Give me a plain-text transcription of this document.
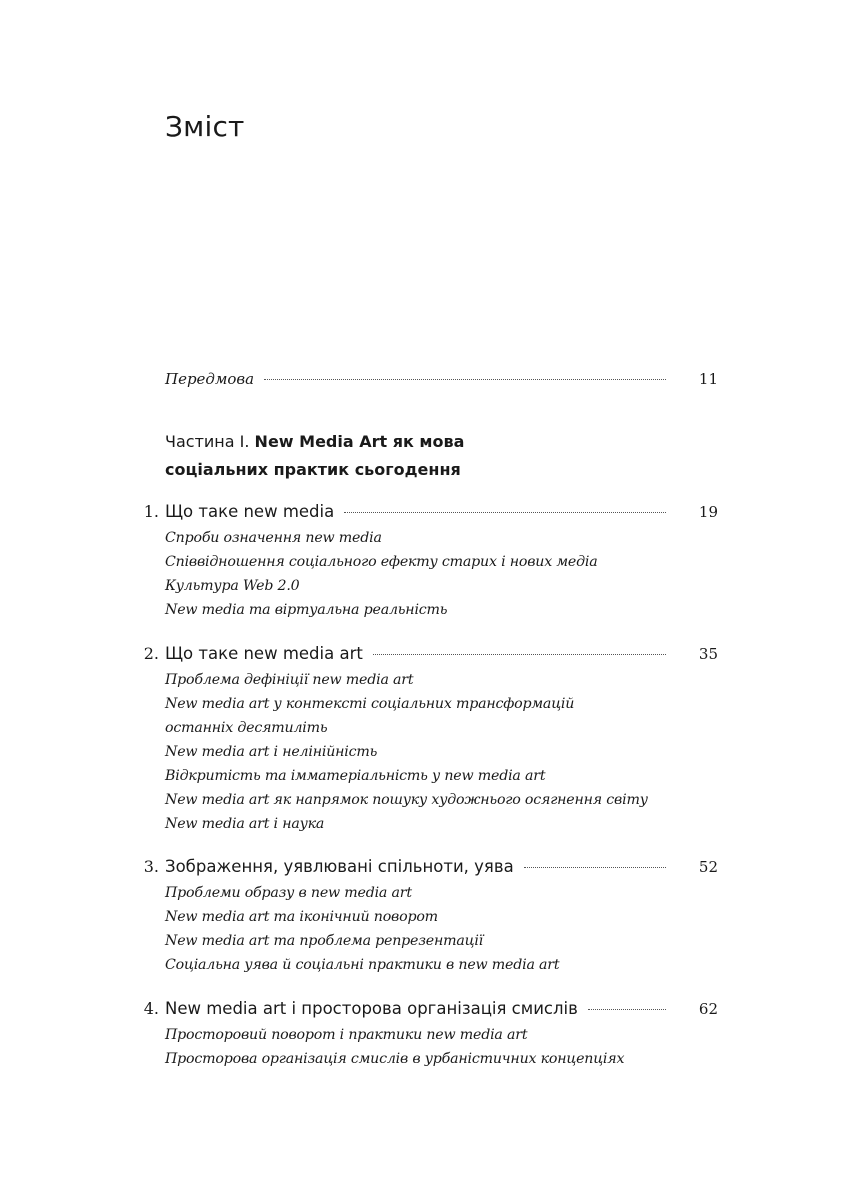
Зміст
Передмова	11
Частина I. New Media Art як мова
соціальних практик сьогодення
1. Що таке new media	19
Спроби означення new media
Співвідношення соціального ефекту старих і нових медіа
Культура Web 2.0
New media та віртуальна реальність
2. Що таке new media art	35
Проблема дефініції new media art
New media art у контексті соціальних трансформацій
останніх десятиліть
New media art і нелінійність
Відкритість та імматеріальність у new media art
New media art як напрямок пошуку художнього осягнення світу
New media art і наука
3. Зображення, уявлювані спільноти, уява	52
Проблеми образу в new media art
New media art та іконічний поворот
New media art та проблема репрезентації
Соціальна уява й соціальні практики в new media art
4. New media art і просторова організація смислів	62
Просторовий поворот і практики new media art
Просторова організація смислів в урбаністичних концепціях
